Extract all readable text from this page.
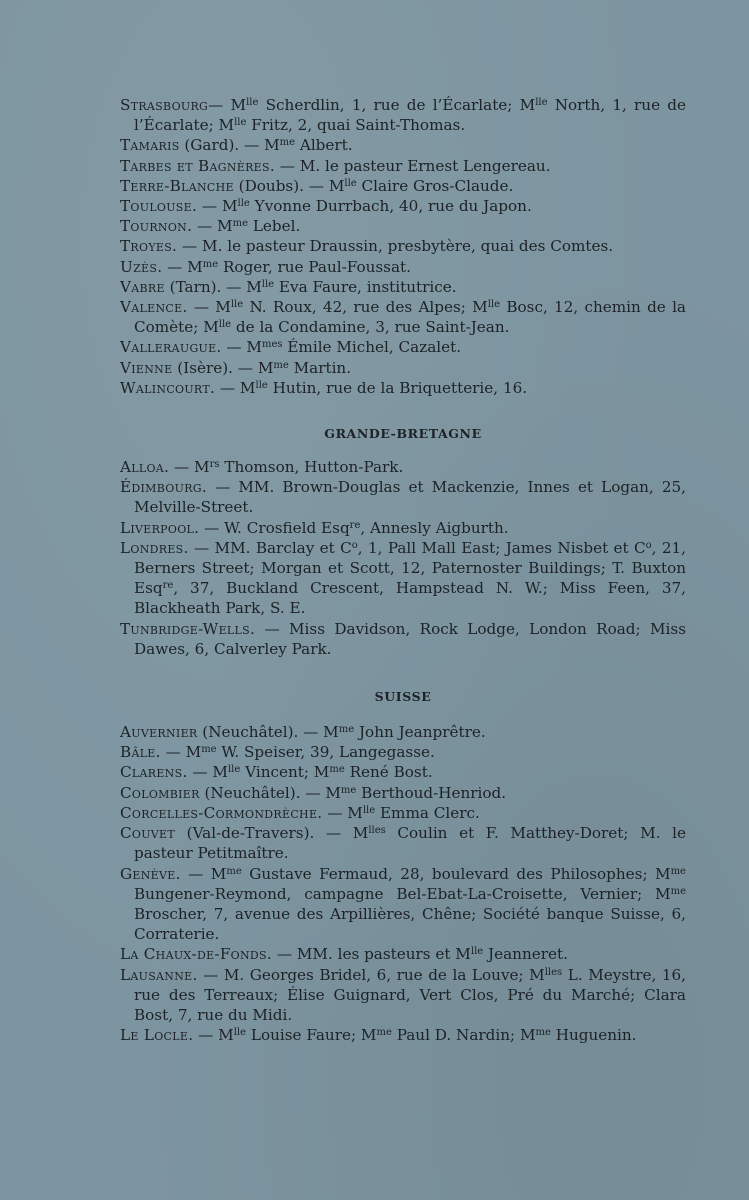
Strasbourg— $M^{lle}$ Scherdlin, 1, rue de l’Écarlate; $M^{lle}$ North, 1, rue de l’Écarlate; $M^{lle}$ Fritz, 2, quai Saint-Thomas.

Tamaris (Gard). — $M^{me}$ Albert.

Tarbes et Bagnères. — M. le pasteur Ernest Lengereau.

Terre-Blanche (Doubs). — $M^{lle}$ Claire Gros-Claude.

Toulouse. — $M^{lle}$ Yvonne Durrbach, 40, rue du Japon.

Tournon. — $M^{me}$ Lebel.

Troyes. — M. le pasteur Draussin, presbytère, quai des Comtes.

Uzès. — $M^{me}$ Roger, rue Paul-Foussat.

Vabre (Tarn). — $M^{lle}$ Eva Faure, institutrice.

Valence. — $M^{lle}$ N. Roux, 42, rue des Alpes; $M^{lle}$ Bosc, 12, chemin de la Comète; $M^{lle}$ de la Condamine, 3, rue Saint-Jean.

Valleraugue. — $M^{mes}$ Émile Michel, Cazalet.

Vienne (Isère). — $M^{me}$ Martin.

Walincourt. — $M^{lle}$ Hutin, rue de la Briquetterie, 16.

GRANDE-BRETAGNE

Alloa. — $M^{rs}$ Thomson, Hutton-Park.

Édimbourg. — MM. Brown-Douglas et Mackenzie, Innes et Logan, 25, Melville-Street.

Liverpool. — W. Crosfield Esq$^{re}$, Annesly Aigburth.

Londres. — MM. Barclay et $C^o$, 1, Pall Mall East; James Nisbet et $C^o$, 21, Berners Street; Morgan et Scott, 12, Paternoster Buildings; T. Buxton Esq$^{re}$, 37, Buckland Crescent, Hampstead N. W.; Miss Feen, 37, Blackheath Park, S. E.

Tunbridge-Wells. — Miss Davidson, Rock Lodge, London Road; Miss Dawes, 6, Calverley Park.

SUISSE

Auvernier (Neuchâtel). — $M^{me}$ John Jeanprêtre.

Bâle. — $M^{me}$ W. Speiser, 39, Langegasse.

Clarens. — $M^{lle}$ Vincent; $M^{me}$ René Bost.

Colombier (Neuchâtel). — $M^{me}$ Berthoud-Henriod.

Corcelles-Cormondrèche. — $M^{lle}$ Emma Clerc.

Couvet (Val-de-Travers). — $M^{lles}$ Coulin et F. Matthey-Doret; M. le pasteur Petitmaître.

Genève. — $M^{me}$ Gustave Fermaud, 28, boulevard des Philosophes; $M^{me}$ Bungener-Reymond, campagne Bel-Ebat-La-Croisette, Vernier; $M^{me}$ Broscher, 7, avenue des Arpillières, Chêne; Société banque Suisse, 6, Corraterie.

La Chaux-de-Fonds. — MM. les pasteurs et $M^{lle}$ Jeanneret.

Lausanne. — M. Georges Bridel, 6, rue de la Louve; $M^{lles}$ L. Meystre, 16, rue des Terreaux; Élise Guignard, Vert Clos, Pré du Marché; Clara Bost, 7, rue du Midi.

Le Locle. — $M^{lle}$ Louise Faure; $M^{me}$ Paul D. Nardin; $M^{me}$ Huguenin.
